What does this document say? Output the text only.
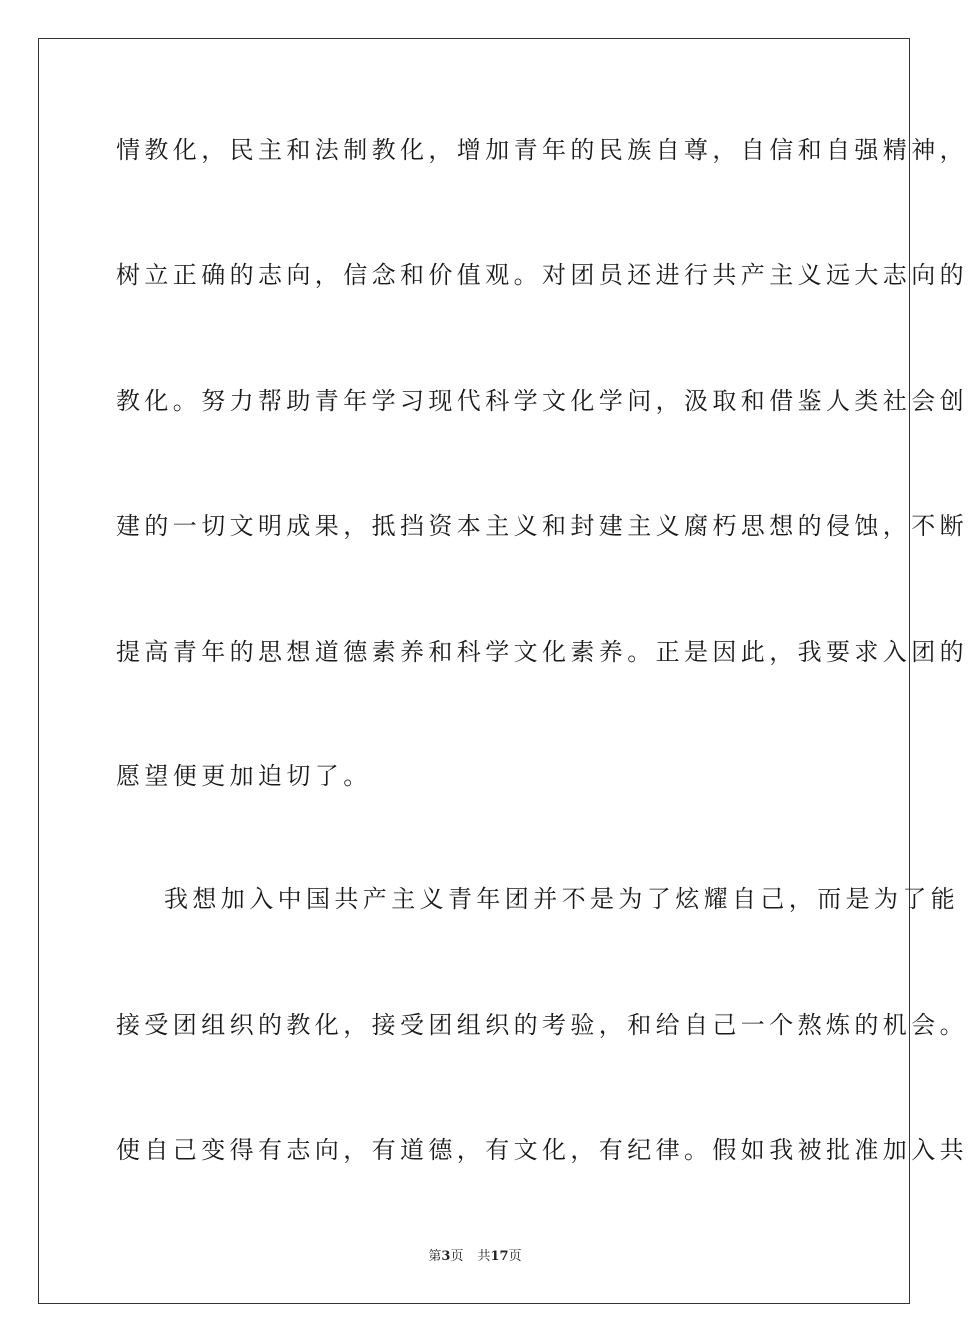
情教化，民主和法制教化，增加青年的民族自尊，自信和自强精神，
树立正确的志向，信念和价值观。对团员还进行共产主义远大志向的
教化。努力帮助青年学习现代科学文化学问，汲取和借鉴人类社会创
建的一切文明成果，抵挡资本主义和封建主义腐朽思想的侵蚀，不断
提高青年的思想道德素养和科学文化素养。正是因此，我要求入团的
愿望便更加迫切了。
我想加入中国共产主义青年团并不是为了炫耀自己，而是为了能
接受团组织的教化，接受团组织的考验，和给自己一个熬炼的机会。
使自己变得有志向，有道德，有文化，有纪律。假如我被批准加入共
第3页 共17页
